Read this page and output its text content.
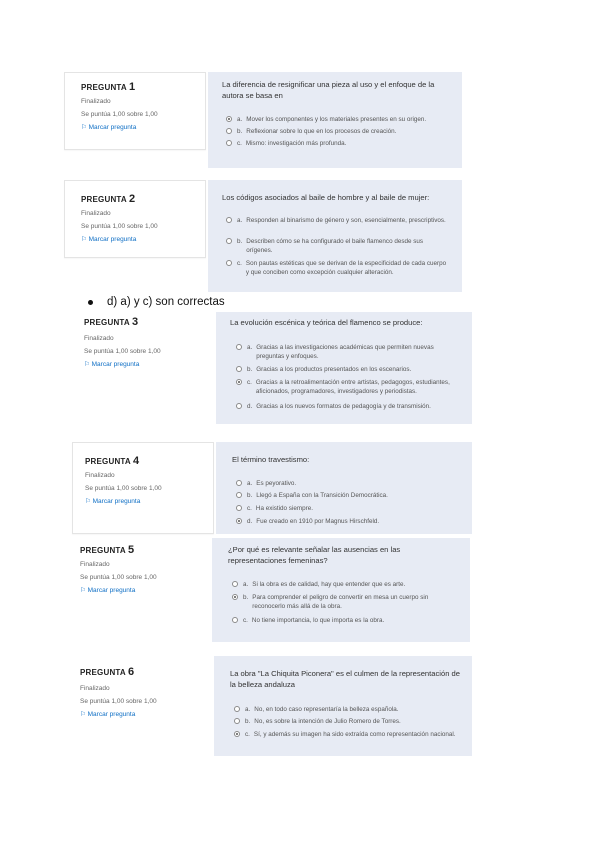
PREGUNTA 1
Finalizado
Se puntúa 1,00 sobre 1,00
⚐ Marcar pregunta
La diferencia de resignificar una pieza al uso y el enfoque de la autora se basa en
a. Mover los componentes y los materiales presentes en su origen.
b. Reflexionar sobre lo que en los procesos de creación.
c. Mismo: investigación más profunda.
PREGUNTA 2
Finalizado
Se puntúa 1,00 sobre 1,00
⚐ Marcar pregunta
Los códigos asociados al baile de hombre y al baile de mujer:
a. Responden al binarismo de género y son, esencialmente, prescriptivos.
b. Describen cómo se ha configurado el baile flamenco desde sus orígenes.
c. Son pautas estéticas que se derivan de la especificidad de cada cuerpo y que conciben como excepción cualquier alteración.
d) a) y c) son correctas
PREGUNTA 3
Finalizado
Se puntúa 1,00 sobre 1,00
⚐ Marcar pregunta
La evolución escénica y teórica del flamenco se produce:
a. Gracias a las investigaciones académicas que permiten nuevas preguntas y enfoques.
b. Gracias a los productos presentados en los escenarios.
c. Gracias a la retroalimentación entre artistas, pedagogos, estudiantes, aficionados, programadores, investigadores y periodistas.
d. Gracias a los nuevos formatos de pedagogía y de transmisión.
PREGUNTA 4
Finalizado
Se puntúa 1,00 sobre 1,00
⚐ Marcar pregunta
El término travestismo:
a. Es peyorativo.
b. Llegó a España con la Transición Democrática.
c. Ha existido siempre.
d. Fue creado en 1910 por Magnus Hirschfeld.
PREGUNTA 5
Finalizado
Se puntúa 1,00 sobre 1,00
⚐ Marcar pregunta
¿Por qué es relevante señalar las ausencias en las representaciones femeninas?
a. Si la obra es de calidad, hay que entender que es arte.
b. Para comprender el peligro de convertir en mesa un cuerpo sin reconocerlo más allá de la obra.
c. No tiene importancia, lo que importa es la obra.
PREGUNTA 6
Finalizado
Se puntúa 1,00 sobre 1,00
⚐ Marcar pregunta
La obra "La Chiquita Piconera" es el culmen de la representación de la belleza andaluza
a. No, en todo caso representaría la belleza española.
b. No, es sobre la intención de Julio Romero de Torres.
c. Sí, y además su imagen ha sido extraída como representación nacional.
